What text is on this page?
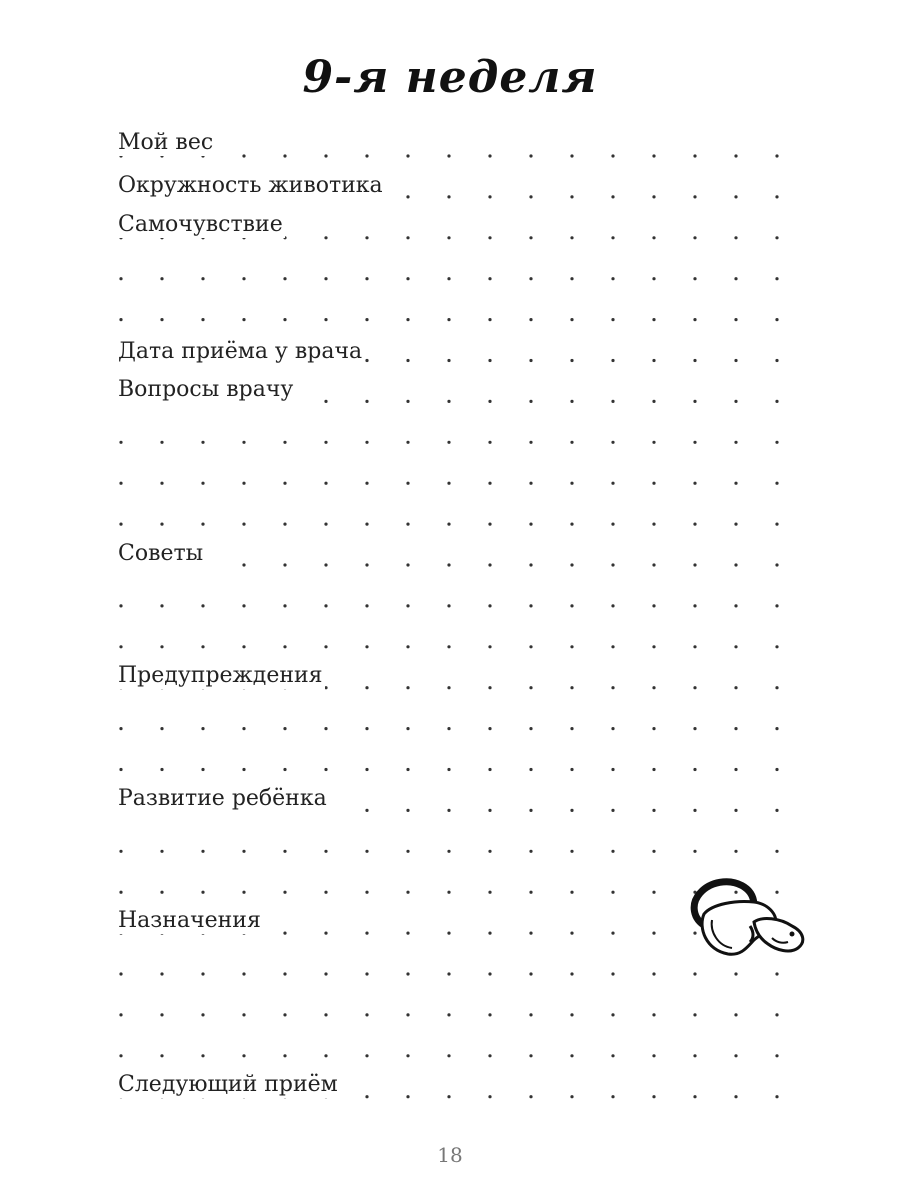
9-я неделя
Мой вес
Окружность животика
Самочувствие
Дата приёма у врача
Вопросы врачу
Советы
Предупреждения
Развитие ребёнка
Назначения
Следующий приём
18
